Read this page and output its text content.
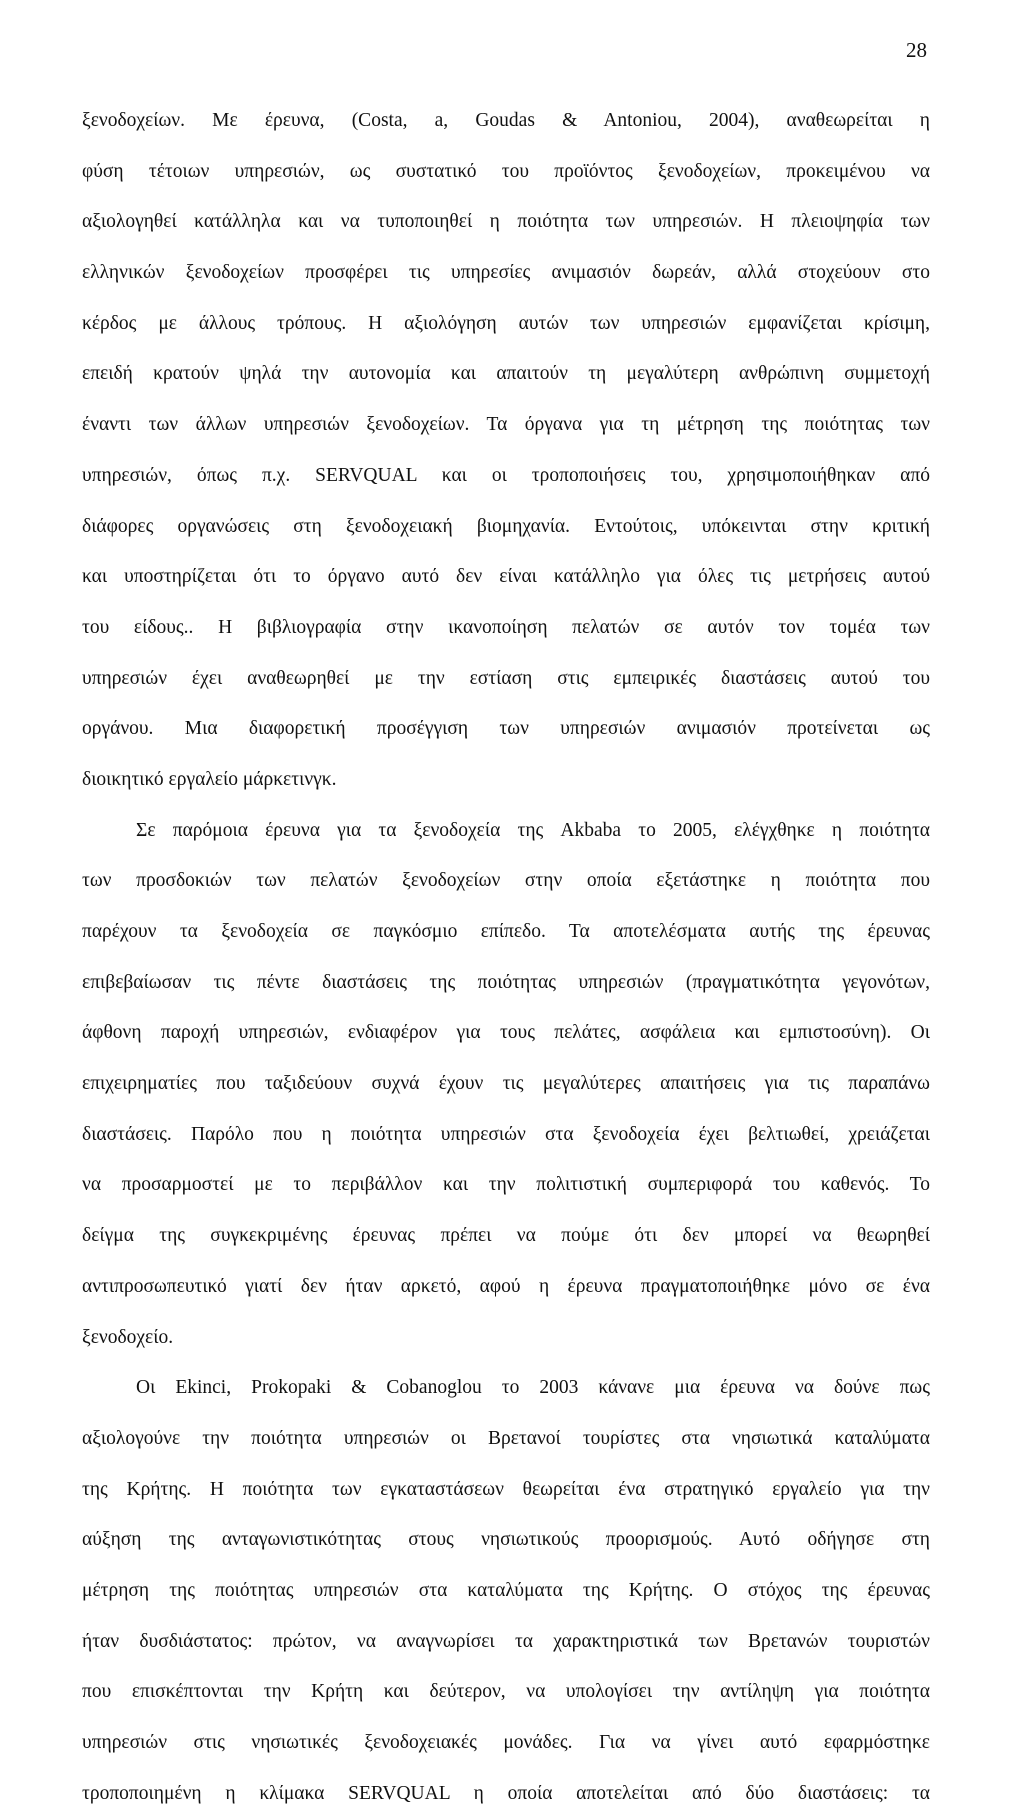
28
ξενοδοχείων. Με έρευνα, (Costa, a, Goudas & Antoniou, 2004), αναθεωρείται η
φύση τέτοιων υπηρεσιών, ως συστατικό του προϊόντος ξενοδοχείων, προκειμένου να
αξιολογηθεί κατάλληλα και να τυποποιηθεί η ποιότητα των υπηρεσιών. Η πλειοψηφία των
ελληνικών ξενοδοχείων προσφέρει τις υπηρεσίες ανιμασιόν δωρεάν, αλλά στοχεύουν στο
κέρδος με άλλους τρόπους. Η αξιολόγηση αυτών των υπηρεσιών εμφανίζεται κρίσιμη,
επειδή κρατούν ψηλά την αυτονομία και απαιτούν τη μεγαλύτερη ανθρώπινη συμμετοχή
έναντι των άλλων υπηρεσιών ξενοδοχείων. Τα όργανα για τη μέτρηση της ποιότητας των
υπηρεσιών, όπως π.χ. SERVQUAL και οι τροποποιήσεις του, χρησιμοποιήθηκαν από
διάφορες οργανώσεις στη ξενοδοχειακή βιομηχανία. Εντούτοις, υπόκεινται στην κριτική
και υποστηρίζεται ότι το όργανο αυτό δεν είναι κατάλληλο για όλες τις μετρήσεις αυτού
του είδους.. Η βιβλιογραφία στην ικανοποίηση πελατών σε αυτόν τον τομέα των
υπηρεσιών έχει αναθεωρηθεί με την εστίαση στις εμπειρικές διαστάσεις αυτού του
οργάνου. Μια διαφορετική προσέγγιση των υπηρεσιών ανιμασιόν προτείνεται ως
διοικητικό εργαλείο μάρκετινγκ.
Σε παρόμοια έρευνα για τα ξενοδοχεία της Akbaba το 2005, ελέγχθηκε η ποιότητα
των προσδοκιών των πελατών ξενοδοχείων στην οποία εξετάστηκε η ποιότητα που
παρέχουν τα ξενοδοχεία σε παγκόσμιο επίπεδο. Τα αποτελέσματα αυτής της έρευνας
επιβεβαίωσαν τις πέντε διαστάσεις της ποιότητας υπηρεσιών (πραγματικότητα γεγονότων,
άφθονη παροχή υπηρεσιών, ενδιαφέρον για τους πελάτες, ασφάλεια και εμπιστοσύνη). Οι
επιχειρηματίες που ταξιδεύουν συχνά έχουν τις μεγαλύτερες απαιτήσεις για τις παραπάνω
διαστάσεις. Παρόλο που η ποιότητα υπηρεσιών στα ξενοδοχεία έχει βελτιωθεί, χρειάζεται
να προσαρμοστεί με το περιβάλλον και την πολιτιστική συμπεριφορά του καθενός. Το
δείγμα της συγκεκριμένης έρευνας πρέπει να πούμε ότι δεν μπορεί να θεωρηθεί
αντιπροσωπευτικό γιατί δεν ήταν αρκετό, αφού η έρευνα πραγματοποιήθηκε μόνο σε ένα
ξενοδοχείο.
Οι Ekinci, Prokopaki & Cobanoglou το 2003 κάνανε μια έρευνα να δούνε πως
αξιολογούνε την ποιότητα υπηρεσιών οι Βρετανοί τουρίστες στα νησιωτικά καταλύματα
της Κρήτης. Η ποιότητα των εγκαταστάσεων θεωρείται ένα στρατηγικό εργαλείο για την
αύξηση της ανταγωνιστικότητας στους νησιωτικούς προορισμούς. Αυτό οδήγησε στη
μέτρηση της ποιότητας υπηρεσιών στα καταλύματα της Κρήτης. Ο στόχος της έρευνας
ήταν δυσδιάστατος: πρώτον, να αναγνωρίσει τα χαρακτηριστικά των Βρετανών τουριστών
που επισκέπτονται την Κρήτη και δεύτερον, να υπολογίσει την αντίληψη για ποιότητα
υπηρεσιών στις νησιωτικές ξενοδοχειακές μονάδες. Για να γίνει αυτό εφαρμόστηκε
τροποποιημένη η κλίμακα SERVQUAL η οποία αποτελείται από δύο διαστάσεις: τα
